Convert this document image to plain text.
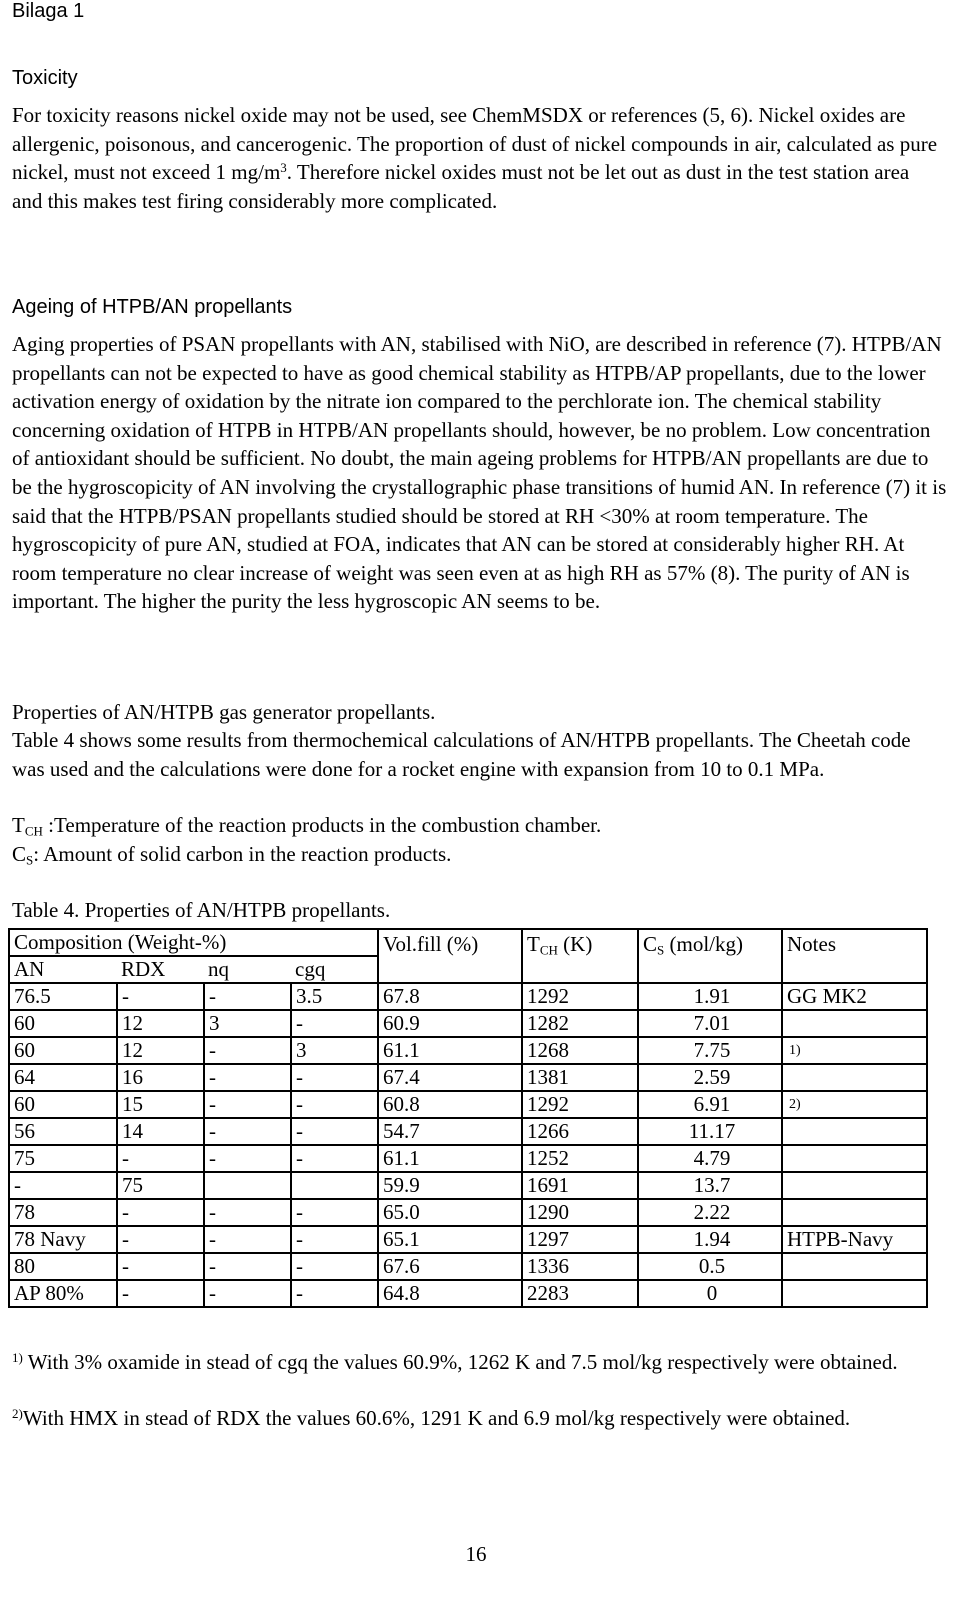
Bilaga 1
Toxicity

For toxicity reasons nickel oxide may not be used, see ChemMSDX or references (5, 6). Nickel oxides are allergenic, poisonous, and cancerogenic. The proportion of dust of nickel compounds in air, calculated as pure nickel, must not exceed 1 $mg/m^3$. Therefore nickel oxides must not be let out as dust in the test station area and this makes test firing considerably more complicated.

Ageing of HTPB/AN propellants

Aging properties of PSAN propellants with AN, stabilised with NiO, are described in reference (7). HTPB/AN propellants can not be expected to have as good chemical stability as HTPB/AP propellants, due to the lower activation energy of oxidation by the nitrate ion compared to the perchlorate ion. The chemical stability concerning oxidation of HTPB in HTPB/AN propellants should, however, be no problem. Low concentration of antioxidant should be sufficient. No doubt, the main ageing problems for HTPB/AN propellants are due to be the hygroscopicity of AN involving the crystallographic phase transitions of humid AN. In reference (7) it is said that the HTPB/PSAN propellants studied should be stored at RH <30% at room temperature. The hygroscopicity of pure AN, studied at FOA, indicates that AN can be stored at considerably higher RH. At room temperature no clear increase of weight was seen even at as high RH as 57% (8). The purity of AN is important. The higher the purity the less hygroscopic AN seems to be.

Properties of AN/HTPB gas generator propellants.

Table 4 shows some results from thermochemical calculations of AN/HTPB propellants. The Cheetah code was used and the calculations were done for a rocket engine with expansion from 10 to 0.1 MPa.

$T_{CH}$ :Temperature of the reaction products in the combustion chamber.

$C_S$: Amount of solid carbon in the reaction products.

Table 4. Properties of AN/HTPB propellants.

Composition (Weight-%)				Vol.fill (%)	$T_{CH}$ (K)	$C_S$ (mol/kg)	Notes
AN	RDX	nq	cgq				
76.5	-	-	3.5	67.8	1292	1.91	GG MK2
60	12	3	-	60.9	1282	7.01	
60	12	-	3	61.1	1268	7.75	1)

64	16	-	-	67.4	1381	2.59	
60	15	-	-	60.8	1292	6.91	2)

56	14	-	-	54.7	1266	11.17	
75	-	-	-	61.1	1252	4.79	
-	75			59.9	1691	13.7	
78	-	-	-	65.0	1290	2.22	
78 Navy	-	-	-	65.1	1297	1.94	HTPB-Navy
80	-	-	-	67.6	1336	0.5	
AP 80%	-	-	-	64.8	2283	0	

$^{1)}$ With 3% oxamide in stead of cgq the values 60.9%, 1262 K and 7.5 mol/kg respectively were obtained.

$^{2)}$With HMX in stead of RDX the values 60.6%, 1291 K and 6.9 mol/kg respectively were obtained.

16
